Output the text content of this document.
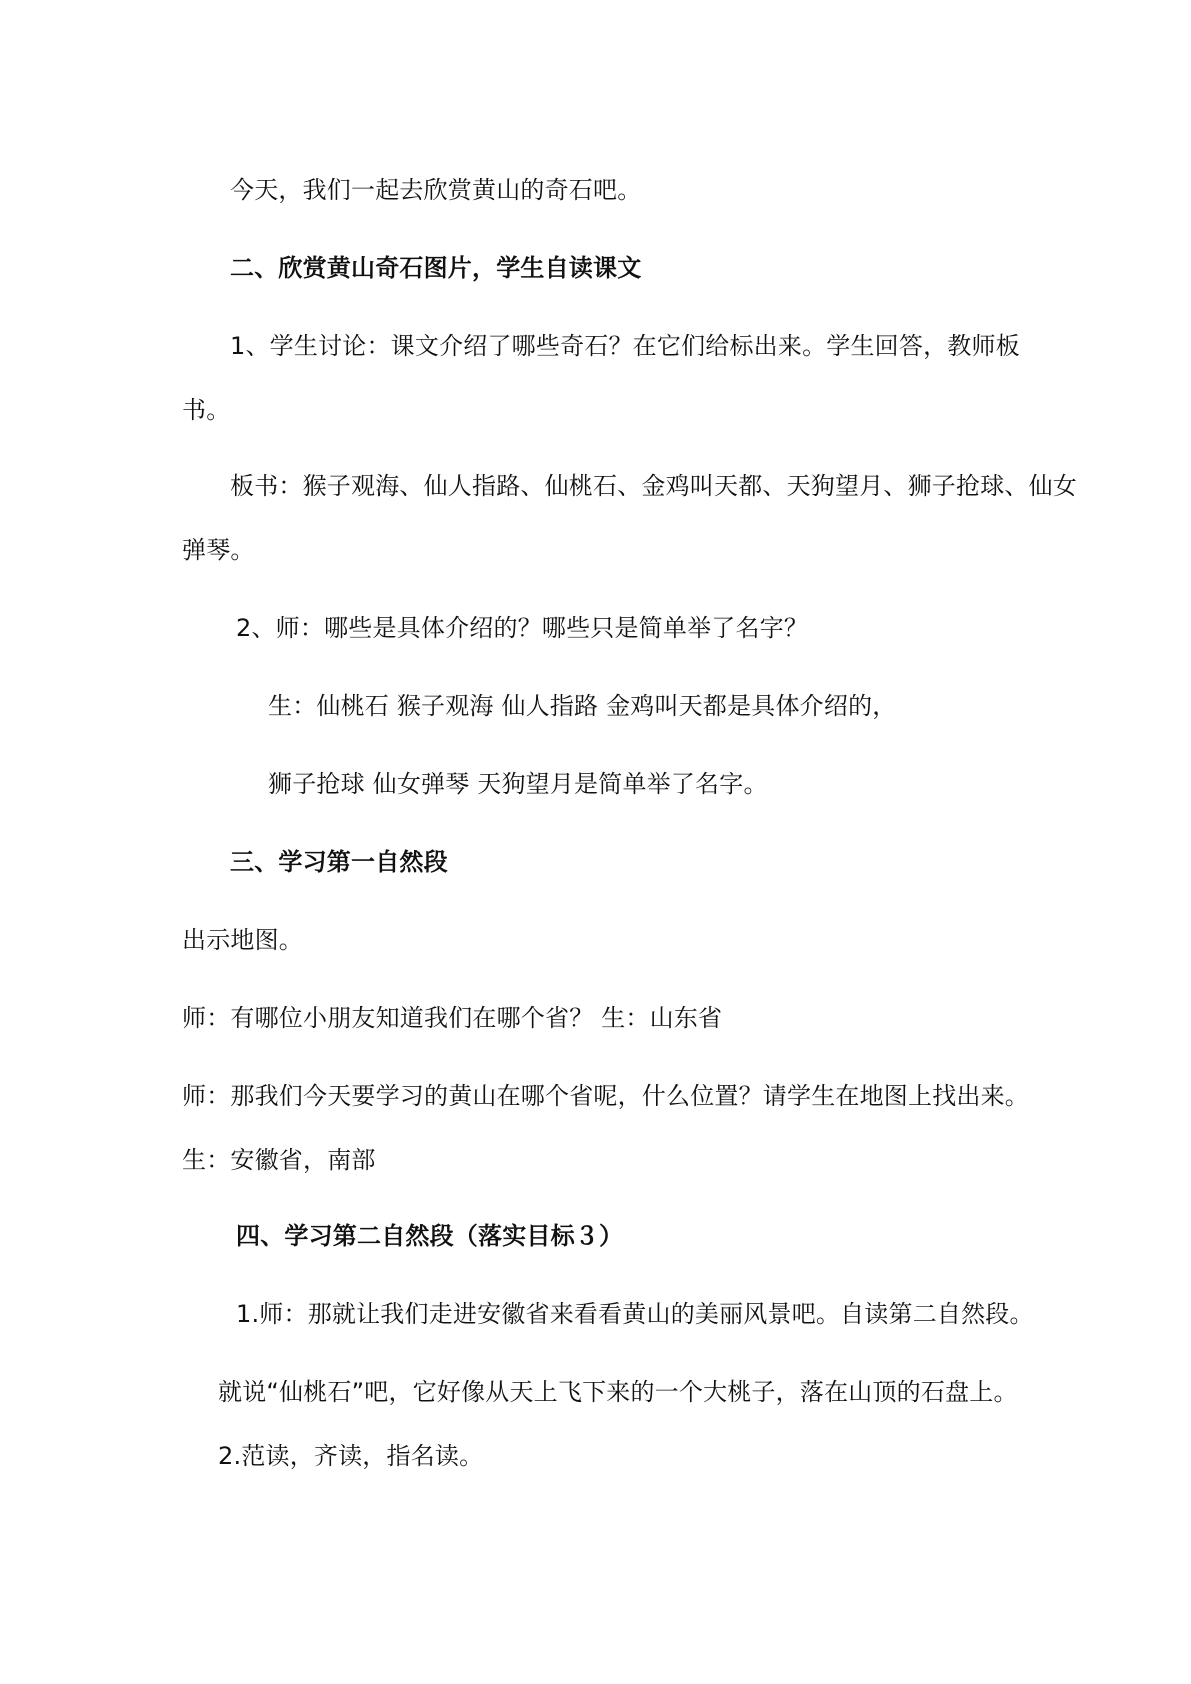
今天，我们一起去欣赏黄山的奇石吧。

二、欣赏黄山奇石图片，学生自读课文

1、学生讨论：课文介绍了哪些奇石？在它们给标出来。学生回答，教师板

书。

板书：猴子观海、仙人指路、仙桃石、金鸡叫天都、天狗望月、狮子抢球、仙女

弹琴。

2、师：哪些是具体介绍的？哪些只是简单举了名字？

生：仙桃石 猴子观海 仙人指路 金鸡叫天都是具体介绍的，

狮子抢球 仙女弹琴 天狗望月是简单举了名字。

三、学习第一自然段

出示地图。

师：有哪位小朋友知道我们在哪个省？ 生：山东省

师：那我们今天要学习的黄山在哪个省呢，什么位置？请学生在地图上找出来。

生：安徽省，南部

四、学习第二自然段（落实目标３）

1.师：那就让我们走进安徽省来看看黄山的美丽风景吧。自读第二自然段。

就说“仙桃石”吧，它好像从天上飞下来的一个大桃子，落在山顶的石盘上。

2.范读，齐读，指名读。
